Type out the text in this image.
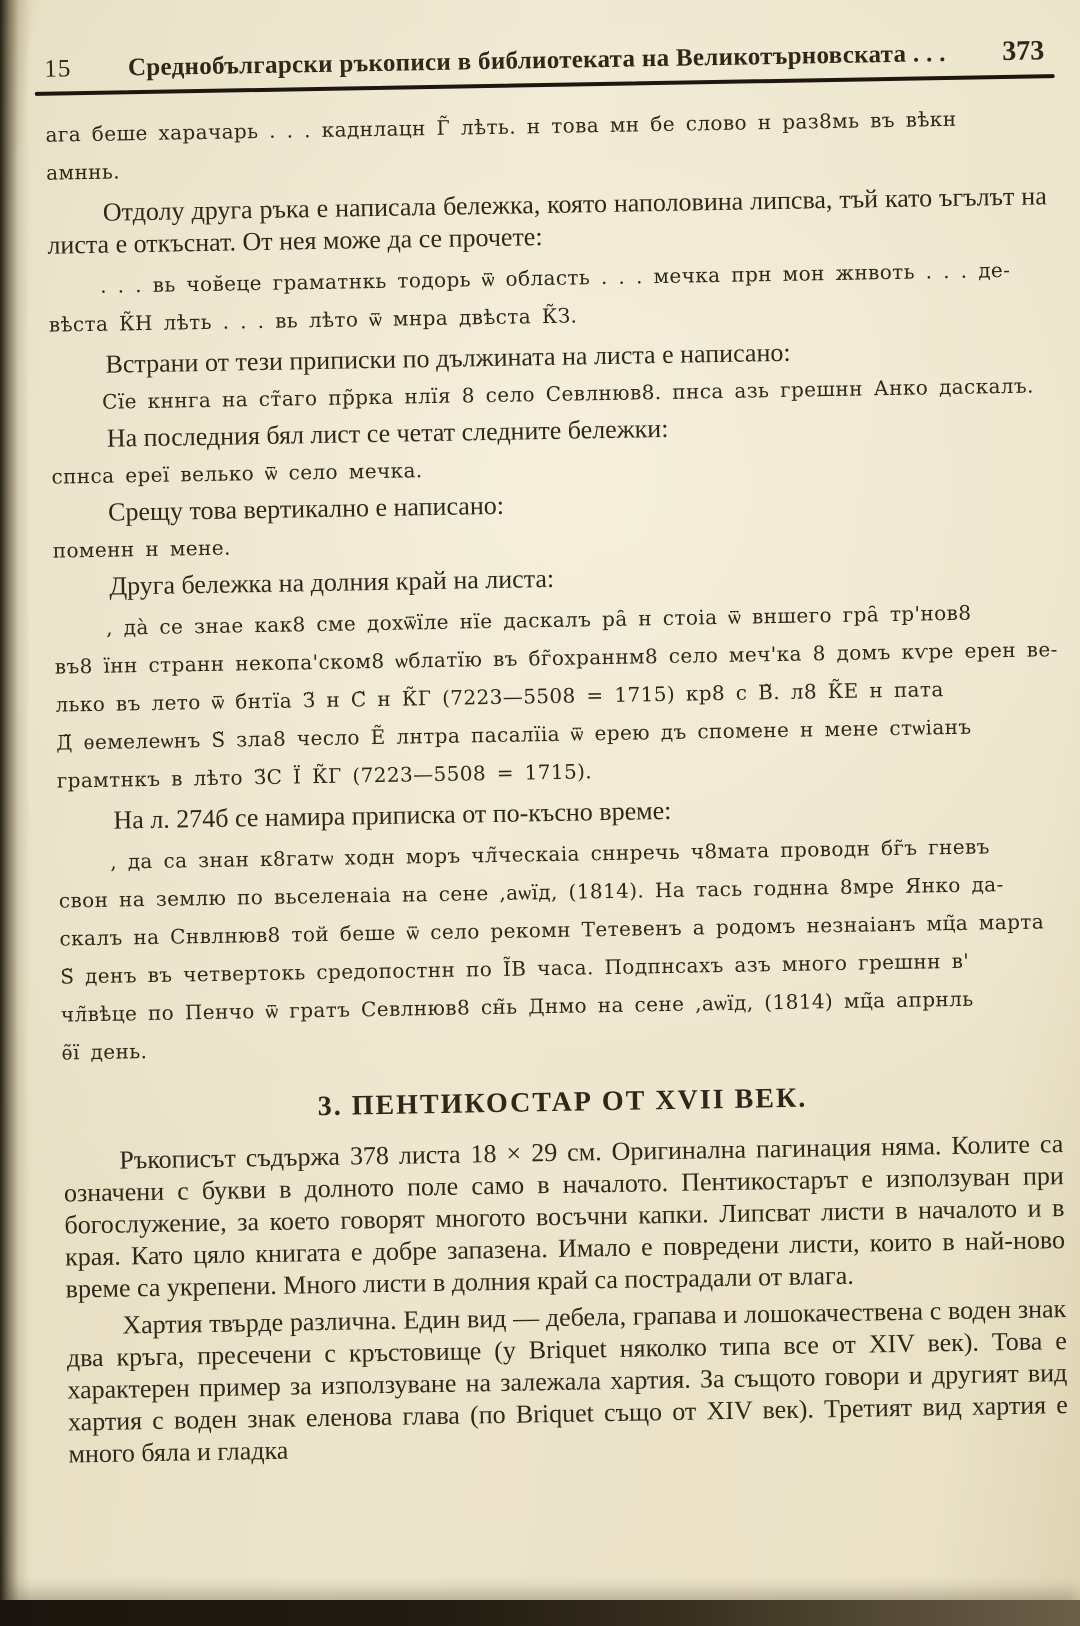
15	Среднобългарски ръкописи в библиотеката на Великотърновската . . .	373
ага беше харачарь . . . каднлацн Г̃ лѣть. н това мн бе слово н раз8мь въ вѣкн
амннь.

Отдолу друга ръка е написала бележка, която наполовина липсва, тъй като ъгълът на листа е откъснат. От нея може да се прочете:

. . . вь чов̆еце граматнкь тодорь ѿ область . . . мечка прн мон жнвоть . . . де-
вѣста К̃Н лѣть . . . вь лѣто ѿ мнра двѣста К̃З.

Встрани от тези приписки по дължината на листа е написано:

Сїе кннга на ст̃аго пр̃рка нлїя 8 село Севлнюв8. пнса азь грешнн Анко даскалъ.

На последния бял лист се четат следните бележки:

спнса ереї велько ѿ село мечка.

Срещу това вертикално е написано:

поменн н мене.

Друга бележка на долния край на листа:

, да̀ се знае как8 сме дохѿїле нїе даскалъ ра̑ н стоіа ѿ вншего гра̑ тр'нов8
въ8 їнн странн некопа'ском8 ѡблатїю въ бг̃охраннм8 село меч'ка 8 домъ кѵре ерен ве-
лько въ лето ѿ бнтїа З̃ н С̃ н К̃Г (7223—5508 = 1715) кр8 с В̃. л8 К̃Е н пата
Д̃ ѳемелеѡнъ Ѕ̃ зла8 чесло Е̃ лнтра пасалїіа ѿ ерею дъ спомене н мене стѡіанъ
грамтнкъ в лѣто З̃С Ї К̃Г (7223—5508 = 1715).

На л. 274б се намира приписка от по-късно време:

, да са знан к8гатѡ ходн моръ чл̃ческаіа сннречь ч8мата проводн бг̃ъ гневъ
свон на землю по вьселенаіа на сене ,аѡїд, (1814). На тась годнна 8мре Янко да-
скалъ на Снвлнюв8 той беше ѿ село рекомн Тетевенъ а родомъ незнаіанъ мц̃а марта
Ѕ̃ денъ въ четвертокь средопостнн по І̃В часа. Подпнсахъ азъ много грешнн в'
чл̃вѣце по Пенчо ѿ гратъ Севлнюв8 сн̃ь Днмо на сене ,аѡїд, (1814) мц̃а апрнль
ѳ̃ї день.
3. ПЕНТИКОСТАР ОТ XVII ВЕК.

Ръкописът съдържа 378 листа 18 × 29 см. Оригинална пагинация няма. Колите са означени с букви в долното поле само в началото. Пентикостарът е използуван при богослужение, за което говорят многото восъчни капки. Липсват листи в началото и в края. Като цяло книгата е добре запазена. Имало е повредени листи, които в най-ново време са укрепени. Много листи в долния край са пострадали от влага.

Хартия твърде различна. Един вид — дебела, грапава и лошокачествена с воден знак два кръга, пресечени с кръстовище (у Briquet няколко типа все от XIV век). Това е характерен пример за използуване на залежала хартия. За същото говори и другият вид хартия с воден знак еленова глава (по Briquet също от XIV век). Третият вид хартия е много бяла и гладка
